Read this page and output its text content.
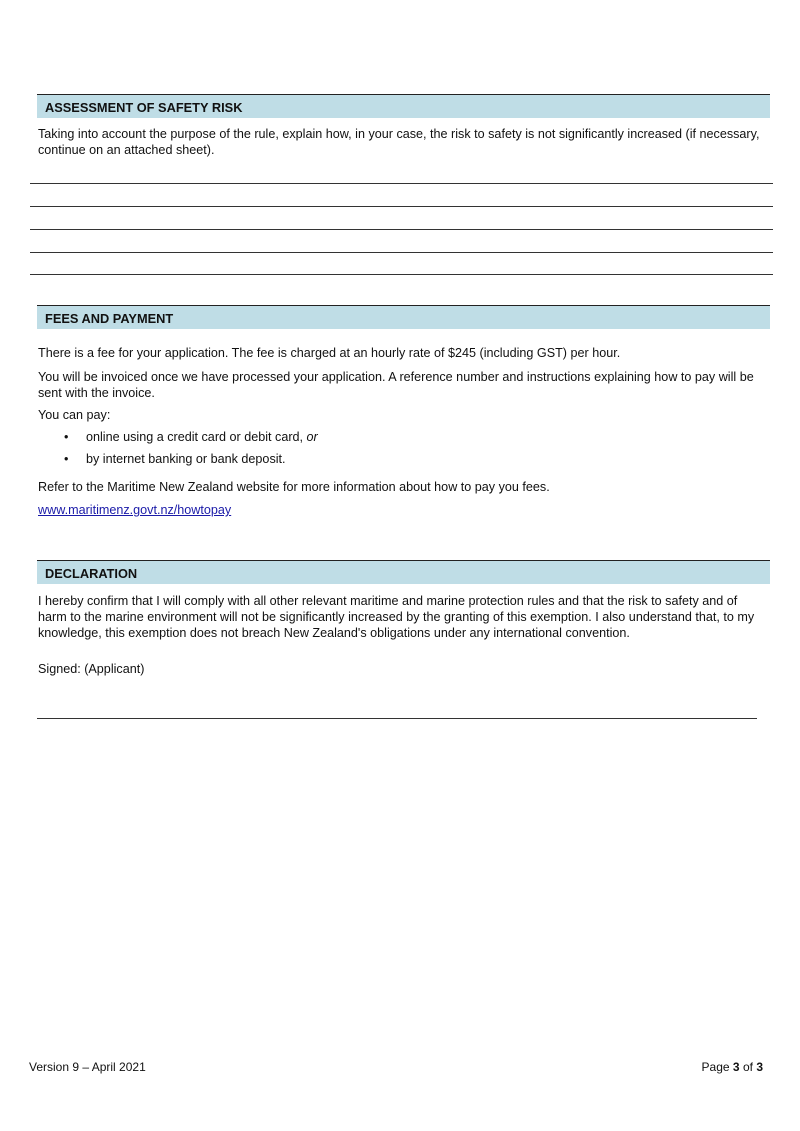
ASSESSMENT OF SAFETY RISK

Taking into account the purpose of the rule, explain how, in your case, the risk to safety is not significantly increased (if necessary, continue on an attached sheet).

FEES AND PAYMENT

There is a fee for your application. The fee is charged at an hourly rate of $245 (including GST) per hour.

You will be invoiced once we have processed your application. A reference number and instructions explaining how to pay will be sent with the invoice.

You can pay:

• online using a credit card or debit card, or
• by internet banking or bank deposit.

Refer to the Maritime New Zealand website for more information about how to pay you fees.

www.maritimenz.govt.nz/howtopay
DECLARATION

I hereby confirm that I will comply with all other relevant maritime and marine protection rules and that the risk to safety and of harm to the marine environment will not be significantly increased by the granting of this exemption. I also understand that, to my knowledge, this exemption does not breach New Zealand's obligations under any international convention.

Signed: (Applicant)

Version 9 – April 2021	Page 3 of 3
